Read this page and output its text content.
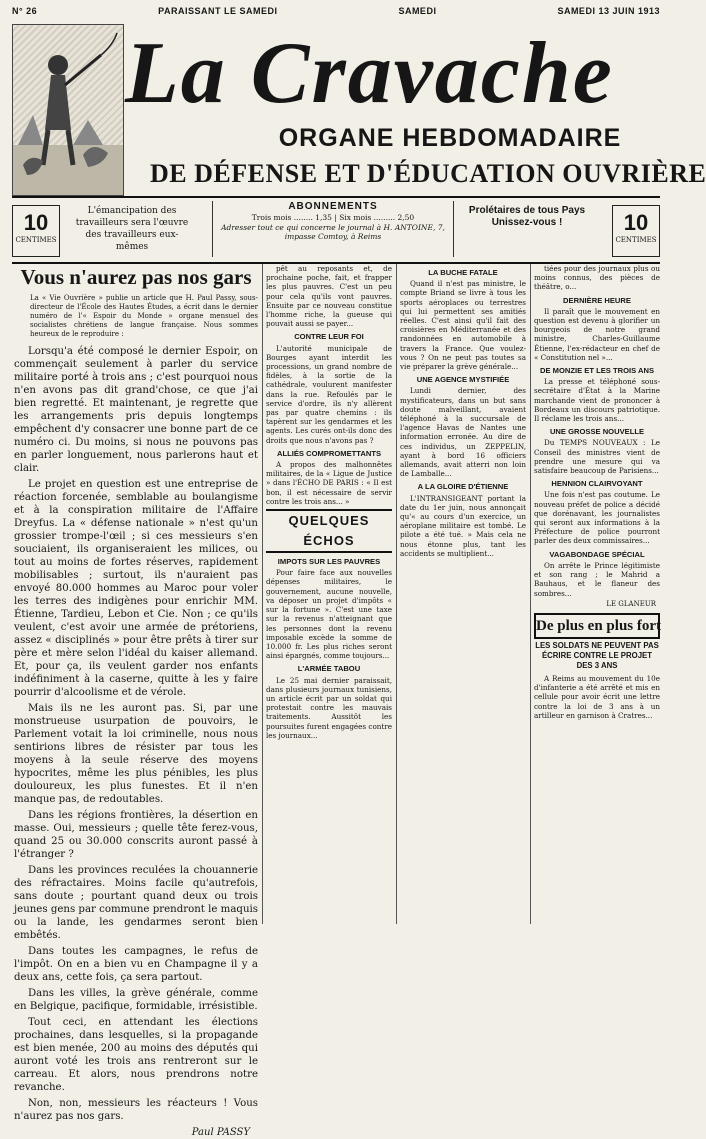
N° 26	PARAISSANT LE SAMEDI	SAMEDI	SAMEDI 13 JUIN 1913
La Cravache
ORGANE HEBDOMADAIRE
DE DÉFENSE ET D'ÉDUCATION OUVRIÈRE
10
CENTIMES
L'émancipation des travailleurs sera l'œuvre des travailleurs eux-mêmes
ABONNEMENTS
Trois mois ........ 1,35 | Six mois ......... 2,50
Adresser tout ce qui concerne le journal à H. ANTOINE, 7, impasse Comtoy, à Reims
Prolétaires de tous Pays Unissez-vous !	10
CENTIMES
Vous n'aurez pas nos gars
La « Vie Ouvrière » publie un article que H. Paul Passy, sous-directeur de l'École des Hautes Études, a écrit dans le dernier numéro de l'« Espoir du Monde » organe mensuel des socialistes chrétiens de langue française. Nous sommes heureux de le reproduire :

Lorsqu'a été composé le dernier Espoir, on commençait seulement à parler du service militaire porté à trois ans ; c'est pourquoi nous n'en avons pas dit grand'chose, ce que j'ai bien regretté. Et maintenant, je regrette que les arrangements pris depuis longtemps empêchent d'y consacrer une bonne part de ce numéro ci. Du moins, si nous ne pouvons pas en parler longuement, nous parlerons haut et clair.

Le projet en question est une entreprise de réaction forcenée, semblable au boulangisme et à la conspiration militaire de l'Affaire Dreyfus. La « défense nationale » n'est qu'un grossier trompe-l'œil ; si ces messieurs s'en souciaient, ils organiseraient les milices, ou tout au moins de fortes réserves, rapidement mobilisables ; surtout, ils n'auraient pas envoyé 80.000 hommes au Maroc pour voler les terres des indigènes pour enrichir MM. Étienne, Tardieu, Lebon et Cie. Non ; ce qu'ils veulent, c'est avoir une armée de prétoriens, assez « disciplinés » pour être prêts à tirer sur père et mère selon l'idéal du kaiser allemand. Et, pour ça, ils veulent garder nos enfants indéfiniment à la caserne, quitte à les y faire pourrir d'alcoolisme et de vérole.

Mais ils ne les auront pas. Si, par une monstrueuse usurpation de pouvoirs, le Parlement votait la loi criminelle, nous nous sentirions libres de résister par tous les moyens à la seule réserve des moyens hypocrites, même les plus pénibles, les plus douloureux, les plus funestes. Et il n'en manque pas, de redoutables.

Dans les régions frontières, la désertion en masse. Oui, messieurs ; quelle tête ferez-vous, quand 25 ou 30.000 conscrits auront passé à l'étranger ?

Dans les provinces reculées la chouannerie des réfractaires. Moins facile qu'autrefois, sans doute ; pourtant quand deux ou trois jeunes gens par commune prendront le maquis ou la lande, les gendarmes seront bien embêtés.

Dans toutes les campagnes, le refus de l'impôt. On en a bien vu en Champagne il y a deux ans, cette fois, ça sera partout.

Dans les villes, la grève générale, comme en Belgique, pacifique, formidable, irrésistible.

Tout ceci, en attendant les élections prochaines, dans lesquelles, si la propagande est bien menée, 200 au moins des députés qui auront voté les trois ans rentreront sur le carreau. Et alors, nous prendrons notre revanche.

Non, non, messieurs les réacteurs ! Vous n'aurez pas nos gars.

Paul PASSY

pêt au reposants et, de prochaine poche, fait, et frapper les plus pauvres. C'est un peu pour cela qu'ils vont pauvres. Ensuite par ce nouveau constitue l'homme riche, la gueuse qui pouvait aussi se payer...

CONTRE LEUR FOI

L'autorité municipale de Bourges ayant interdit les processions, un grand nombre de fidèles, à la sortie de la cathédrale, voulurent manifester dans la rue. Refoulés par le service d'ordre, ils n'y allèrent pas par quatre chemins : ils tapèrent sur les gendarmes et les agents. Les curés ont-ils donc des droits que nous n'avons pas ?

ALLIÉS COMPROMETTANTS

A propos des malhonnêtes militaires, de la « Ligue de Justice » dans l'ÉCHO DE PARIS : « Il est bon, il est nécessaire de servir contre les trois ans... »

QUELQUES ÉCHOS
IMPOTS SUR LES PAUVRES

Pour faire face aux nouvelles dépenses militaires, le gouvernement, aucune nouvelle, va déposer un projet d'impôts « sur la fortune ». C'est une taxe sur la revenus n'atteignant que les personnes dont la revenu imposable excède la somme de 10.000 fr. Les plus riches seront ainsi épargnés, comme toujours...

L'ARMÉE TABOU

Le 25 mai dernier paraissait, dans plusieurs journaux tunisiens, un article écrit par un soldat qui protestait contre les mauvais traitements. Aussitôt les poursuites furent engagées contre les journaux...

LA BUCHE FATALE

Quand il n'est pas ministre, le compte Briand se livre à tous les sports aéroplaces ou terrestres qui lui permettent ses amitiés réelles. C'est ainsi qu'il fait des croisières en Méditerranée et des randonnées en automobile à travers la France. Que voulez-vous ? On ne peut pas toutes sa vie préparer la grève générale...

UNE AGENCE MYSTIFIÉE

Lundi dernier, des mystificateurs, dans un but sans doute malveillant, avaient téléphoné à la succursale de l'agence Havas de Nantes une information erronée. Au dire de ces individus, un ZEPPELIN, ayant à bord 16 officiers allemands, avait atterri non loin de Lamballe...

A LA GLOIRE D'ÉTIENNE

L'INTRANSIGEANT portant la date du 1er juin, nous annonçait qu'« au cours d'un exercice, un aéroplane militaire est tombé. Le pilote a été tué. » Mais cela ne nous étonne plus, tant les accidents se multiplient...

tiées pour des journaux plus ou moins connus, des pièces de théâtre, o...

DERNIÈRE HEURE

Il paraît que le mouvement en question est devenu à glorifier un bourgeois de notre grand ministre, Charles-Guillaume Étienne, l'ex-rédacteur en chef de « Constitution nel »...

DE MONZIE ET LES TROIS ANS

La presse et téléphoné sous-secrétaire d'État à la Marine marchande vient de prononcer à Bordeaux un discours patriotique. Il réclame les trois ans...

UNE GROSSE NOUVELLE

Du TEMPS NOUVEAUX : Le Conseil des ministres vient de prendre une mesure qui va satisfaire beaucoup de Parisiens...

HENNION CLAIRVOYANT

Une fois n'est pas coutume. Le nouveau préfet de police a décidé que dorénavant, les journalistes qui seront aux informations à la Préfecture de police pourront parler des deux commissaires...

VAGABONDAGE SPÉCIAL

On arrête le Prince légitimiste et son rang ; le Mahrid a Bauhaus, et le flaneur des sombres...

LE GLANEUR
De plus en plus fort
LES SOLDATS NE PEUVENT PAS ÉCRIRE CONTRE LE PROJET DES 3 ANS

A Reims au mouvement du 10e d'infanterie a été arrêté et mis en cellule pour avoir écrit une lettre contre la loi de 3 ans à un artilleur en garnison à Cratres...
